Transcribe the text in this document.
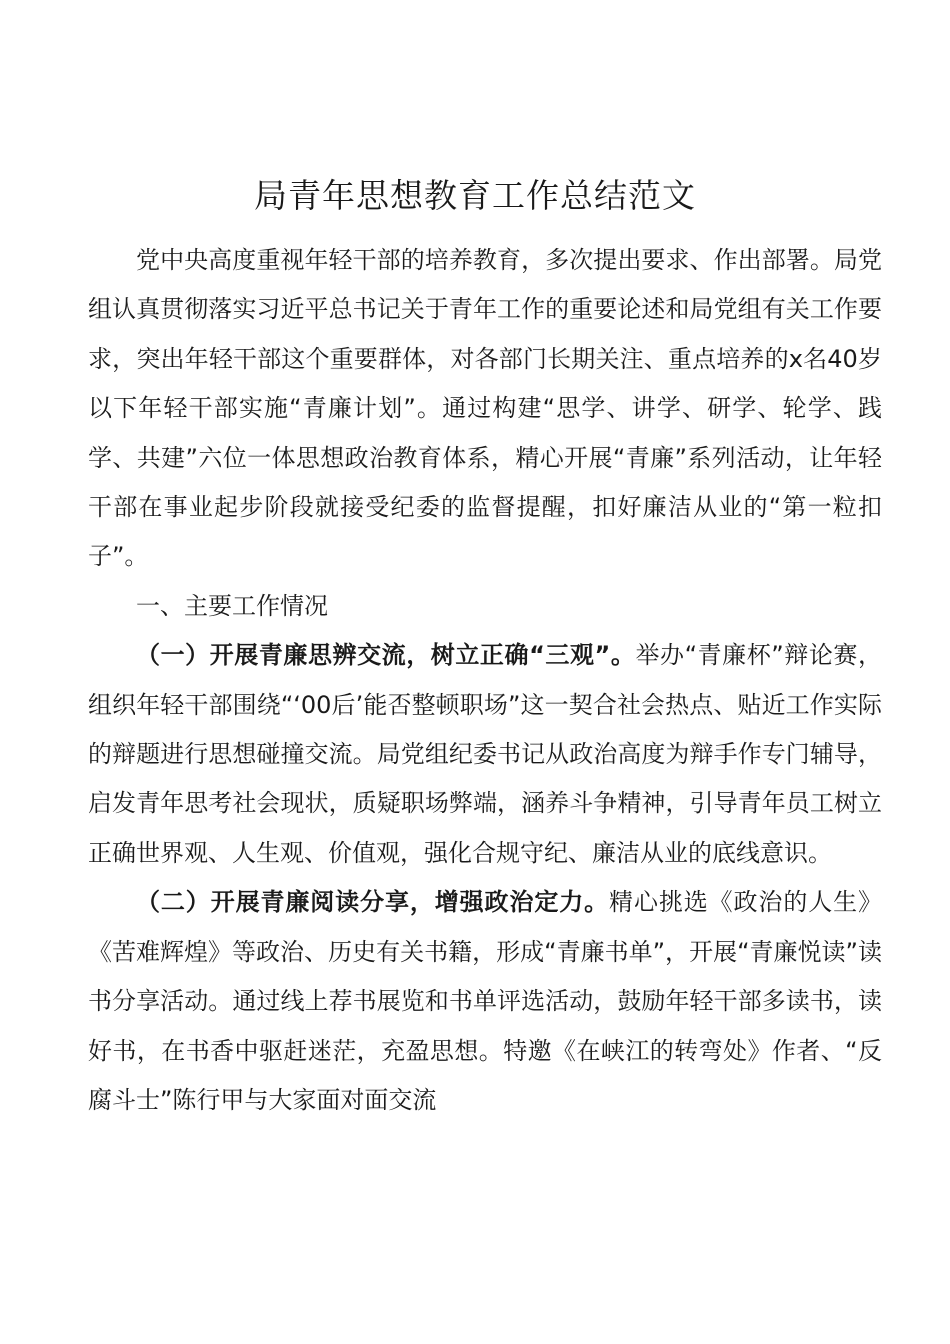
局青年思想教育工作总结范文

党中央高度重视年轻干部的培养教育，多次提出要求、作出部署。局党组认真贯彻落实习近平总书记关于青年工作的重要论述和局党组有关工作要求，突出年轻干部这个重要群体，对各部门长期关注、重点培养的x名40岁以下年轻干部实施“青廉计划”。通过构建“思学、讲学、研学、轮学、践学、共建”六位一体思想政治教育体系，精心开展“青廉”系列活动，让年轻干部在事业起步阶段就接受纪委的监督提醒，扣好廉洁从业的“第一粒扣子”。

一、主要工作情况

（一）开展青廉思辨交流，树立正确“三观”。举办“青廉杯”辩论赛，组织年轻干部围绕“‘00后’能否整顿职场”这一契合社会热点、贴近工作实际的辩题进行思想碰撞交流。局党组纪委书记从政治高度为辩手作专门辅导，启发青年思考社会现状，质疑职场弊端，涵养斗争精神，引导青年员工树立正确世界观、人生观、价值观，强化合规守纪、廉洁从业的底线意识。

（二）开展青廉阅读分享，增强政治定力。精心挑选《政治的人生》《苦难辉煌》等政治、历史有关书籍，形成“青廉书单”，开展“青廉悦读”读书分享活动。通过线上荐书展览和书单评选活动，鼓励年轻干部多读书，读好书，在书香中驱赶迷茫，充盈思想。特邀《在峡江的转弯处》作者、“反腐斗士”陈行甲与大家面对面交流
